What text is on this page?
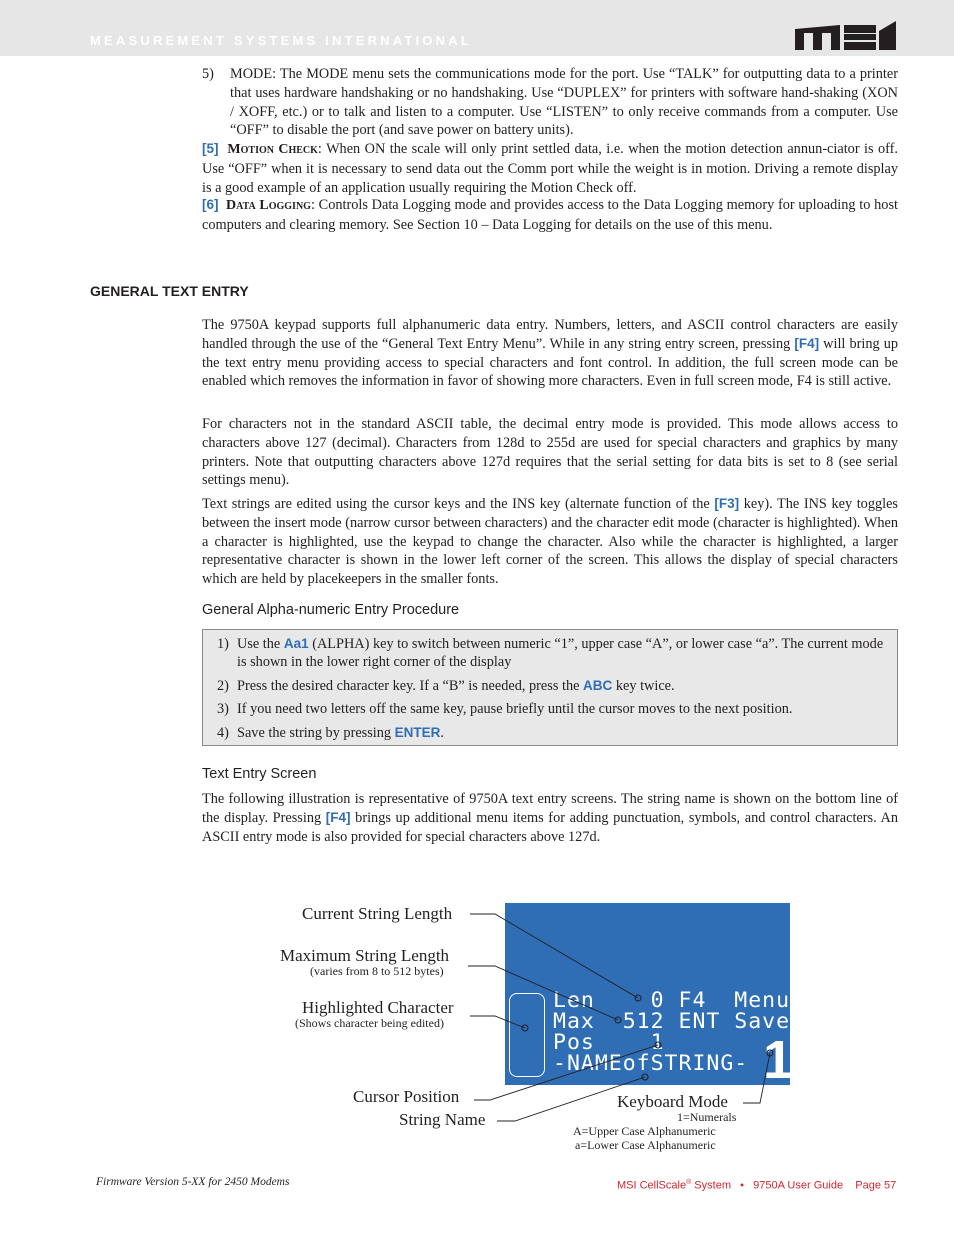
MEASUREMENT SYSTEMS INTERNATIONAL
5) MODE: The MODE menu sets the communications mode for the port. Use “TALK” for outputting data to a printer that uses hardware handshaking or no handshaking. Use “DUPLEX” for printers with software hand-shaking (XON / XOFF, etc.) or to talk and listen to a computer. Use “LISTEN” to only receive commands from a computer. Use “OFF” to disable the port (and save power on battery units).

[5] Motion Check: When ON the scale will only print settled data, i.e. when the motion detection annun-ciator is off. Use “OFF” when it is necessary to send data out the Comm port while the weight is in motion. Driving a remote display is a good example of an application usually requiring the Motion Check off.
[6] Data Logging: Controls Data Logging mode and provides access to the Data Logging memory for uploading to host computers and clearing memory. See Section 10 – Data Logging for details on the use of this menu.
GENERAL TEXT ENTRY
The 9750A keypad supports full alphanumeric data entry. Numbers, letters, and ASCII control characters are easily handled through the use of the “General Text Entry Menu”. While in any string entry screen, pressing [F4] will bring up the text entry menu providing access to special characters and font control. In addition, the full screen mode can be enabled which removes the information in favor of showing more characters. Even in full screen mode, F4 is still active.
For characters not in the standard ASCII table, the decimal entry mode is provided. This mode allows access to characters above 127 (decimal). Characters from 128d to 255d are used for special characters and graphics by many printers. Note that outputting characters above 127d requires that the serial setting for data bits is set to 8 (see serial settings menu).
Text strings are edited using the cursor keys and the INS key (alternate function of the [F3] key). The INS key toggles between the insert mode (narrow cursor between characters) and the character edit mode (character is highlighted). When a character is highlighted, use the keypad to change the character. Also while the character is highlighted, a larger representative character is shown in the lower left corner of the screen. This allows the display of special characters which are held by placekeepers in the smaller fonts.
General Alpha-numeric Entry Procedure
1) Use the Aa1 (ALPHA) key to switch between numeric “1”, upper case “A”, or lower case “a”. The current mode is shown in the lower right corner of the display
2) Press the desired character key. If a “B” is needed, press the ABC key twice.
3) If you need two letters off the same key, pause briefly until the cursor moves to the next position.
4) Save the string by pressing ENTER.
Text Entry Screen
The following illustration is representative of 9750A text entry screens. The string name is shown on the bottom line of the display. Pressing [F4] brings up additional menu items for adding punctuation, symbols, and control characters. An ASCII entry mode is also provided for special characters above 127d.
Len    0 F4  Menu
Max  512 ENT Save
Pos    1
-NAMEofSTRING- 1
Current String Length
Maximum String Length
(varies from 8 to 512 bytes)
Highlighted Character
(Shows character being edited)
Cursor Position
String Name
Keyboard Mode
1=Numerals
A=Upper Case Alphanumeric
a=Lower Case Alphanumeric
Firmware Version 5-XX for 2450 Modems	MSI CellScale® System   •   9750A User Guide    Page 57
